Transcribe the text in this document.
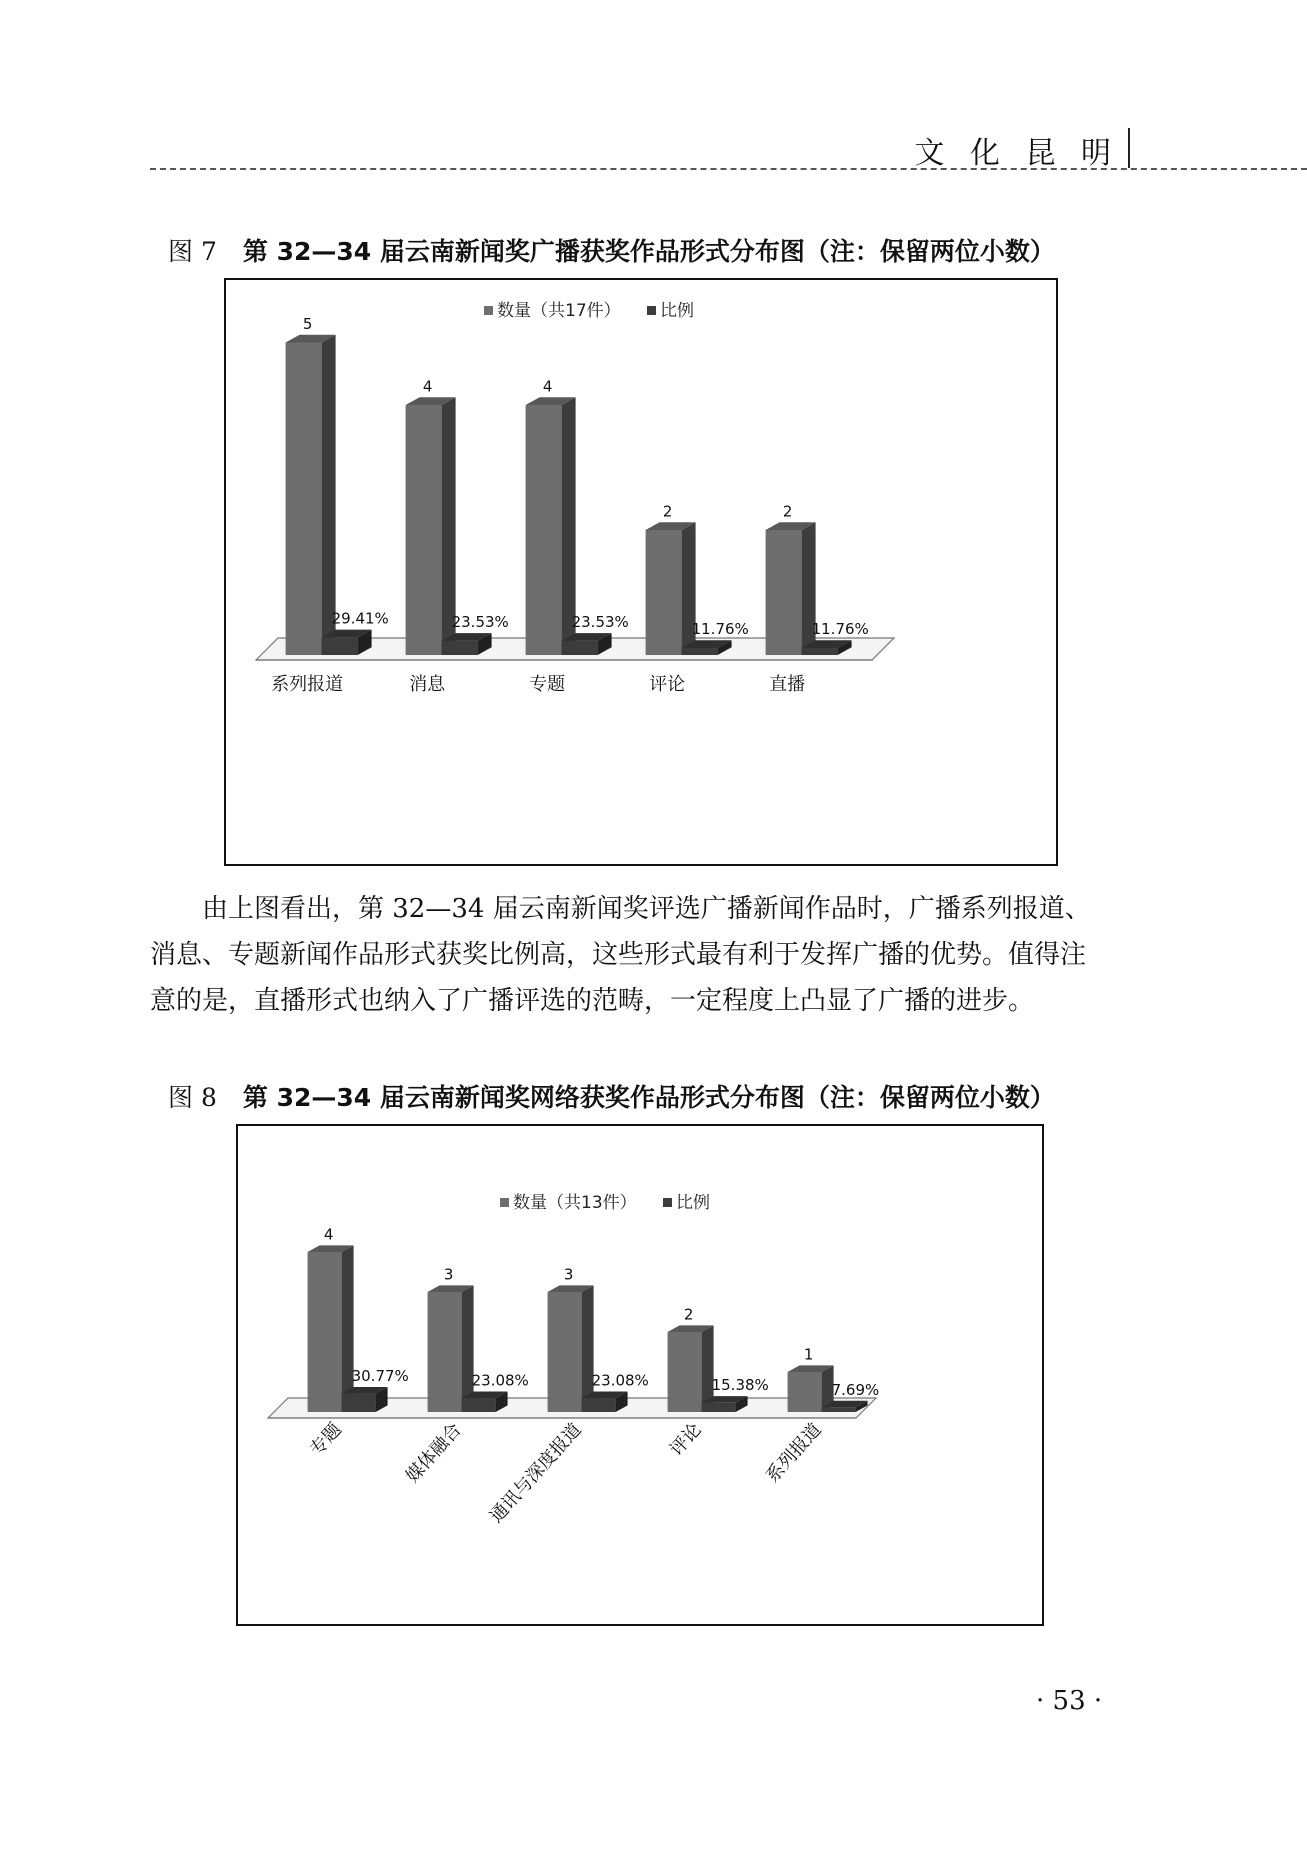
文 化 昆 明
图 7 第 32—34 届云南新闻奖广播获奖作品形式分布图（注：保留两位小数）
数量（共17件） 比例
5
29.41%
系列报道
4
23.53%
消息
4
23.53%
专题
2
11.76%
评论
2
11.76%
直播

由上图看出，第 32—34 届云南新闻奖评选广播新闻作品时，广播系列报道、消息、专题新闻作品形式获奖比例高，这些形式最有利于发挥广播的优势。值得注意的是，直播形式也纳入了广播评选的范畴，一定程度上凸显了广播的进步。

图 8 第 32—34 届云南新闻奖网络获奖作品形式分布图（注：保留两位小数）
数量（共13件） 比例
4
30.77%
专题
3
23.08%
媒体融合
3
23.08%
通讯与深度报道
2
15.38%
评论
1
7.69%
系列报道
· 53 ·
